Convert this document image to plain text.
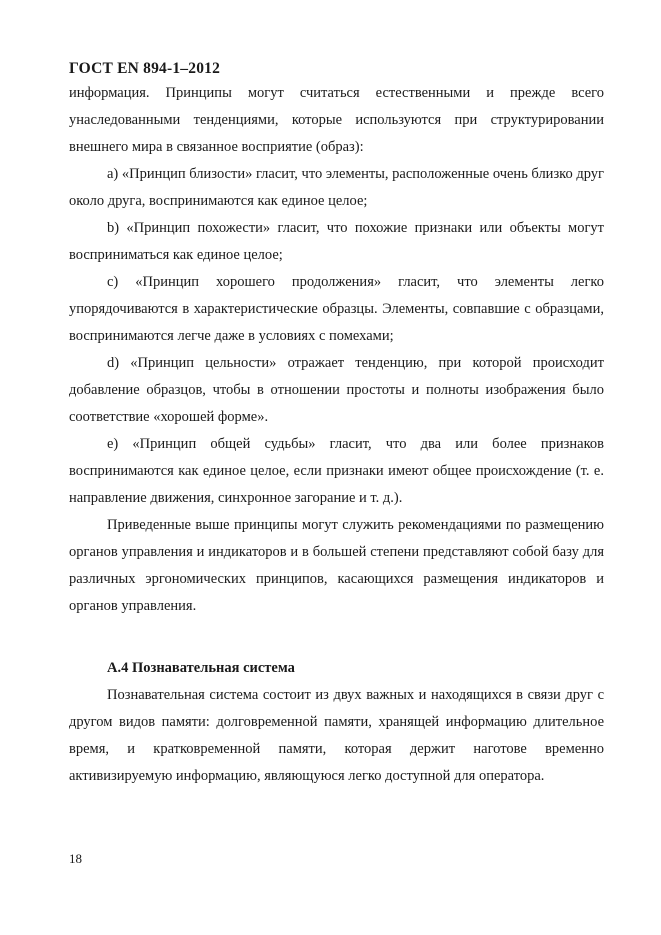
ГОСТ EN 894-1–2012

информация. Принципы могут считаться естественными и прежде всего унаследованными тенденциями, которые используются при структурировании внешнего мира в связанное восприятие (образ):

a) «Принцип близости» гласит, что элементы, расположенные очень близко друг около друга, воспринимаются как единое целое;

b) «Принцип похожести» гласит, что похожие признаки или объекты могут восприниматься как единое целое;

c) «Принцип хорошего продолжения» гласит, что элементы легко упорядочиваются в характеристические образцы. Элементы, совпавшие с образцами, воспринимаются легче даже в условиях с помехами;

d) «Принцип цельности» отражает тенденцию, при которой происходит добавление образцов, чтобы в отношении простоты и полноты изображения было соответствие «хорошей форме».

e) «Принцип общей судьбы» гласит, что два или более признаков воспринимаются как единое целое, если признаки имеют общее происхождение (т. е. направление движения, синхронное загорание и т. д.).

Приведенные выше принципы могут служить рекомендациями по размещению органов управления и индикаторов и в большей степени представляют собой базу для различных эргономических принципов, касающихся размещения индикаторов и органов управления.

А.4 Познавательная система

Познавательная система состоит из двух важных и находящихся в связи друг с другом видов памяти: долговременной памяти, хранящей информацию длительное время, и кратковременной памяти, которая держит наготове временно активизируемую информацию, являющуюся легко доступной для оператора.

18
